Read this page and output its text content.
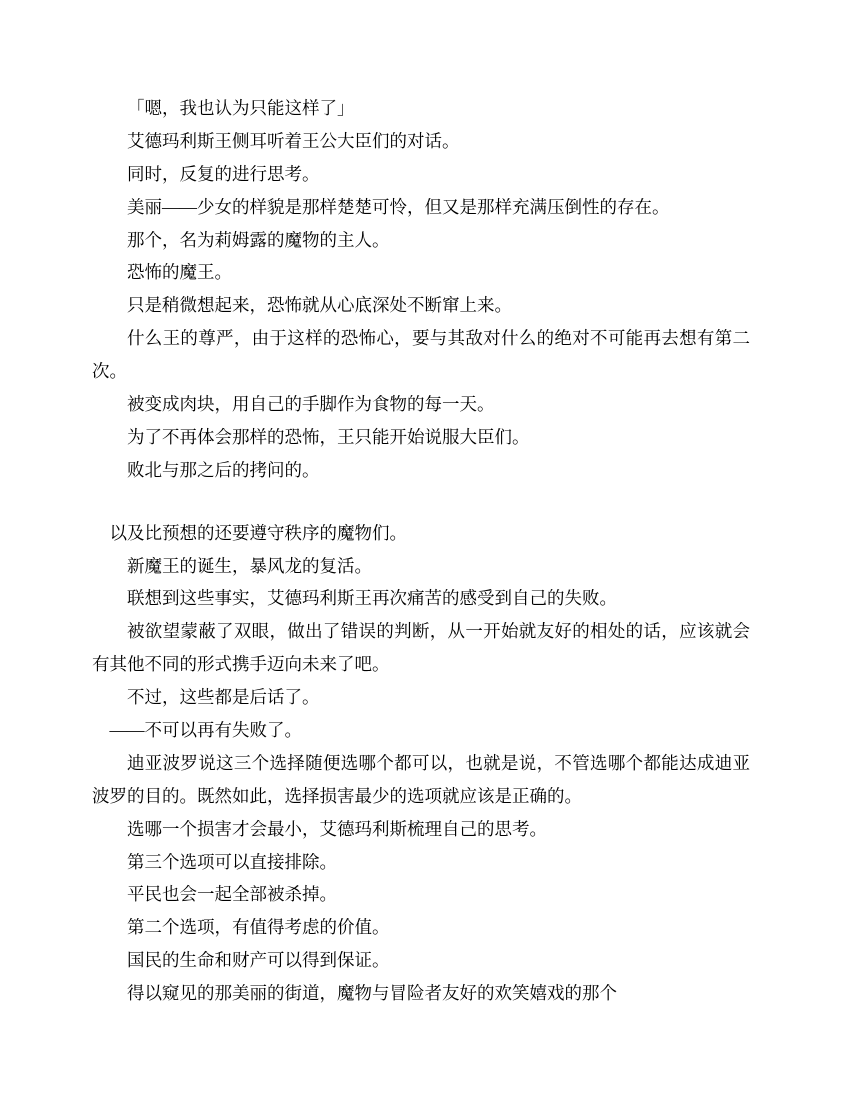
「嗯，我也认为只能这样了」

艾德玛利斯王侧耳听着王公大臣们的对话。

同时，反复的进行思考。

美丽——少女的样貌是那样楚楚可怜，但又是那样充满压倒性的存在。

那个，名为莉姆露的魔物的主人。

恐怖的魔王。

只是稍微想起来，恐怖就从心底深处不断窜上来。

什么王的尊严，由于这样的恐怖心，要与其敌对什么的绝对不可能再去想有第二次。

被变成肉块，用自己的手脚作为食物的每一天。

为了不再体会那样的恐怖，王只能开始说服大臣们。

败北与那之后的拷问的。

以及比预想的还要遵守秩序的魔物们。

新魔王的诞生，暴风龙的复活。

联想到这些事实，艾德玛利斯王再次痛苦的感受到自己的失败。

被欲望蒙蔽了双眼，做出了错误的判断，从一开始就友好的相处的话，应该就会有其他不同的形式携手迈向未来了吧。

不过，这些都是后话了。

——不可以再有失败了。

迪亚波罗说这三个选择随便选哪个都可以，也就是说，不管选哪个都能达成迪亚波罗的目的。既然如此，选择损害最少的选项就应该是正确的。

选哪一个损害才会最小，艾德玛利斯梳理自己的思考。

第三个选项可以直接排除。

平民也会一起全部被杀掉。

第二个选项，有值得考虑的价值。

国民的生命和财产可以得到保证。

得以窥见的那美丽的街道，魔物与冒险者友好的欢笑嬉戏的那个
